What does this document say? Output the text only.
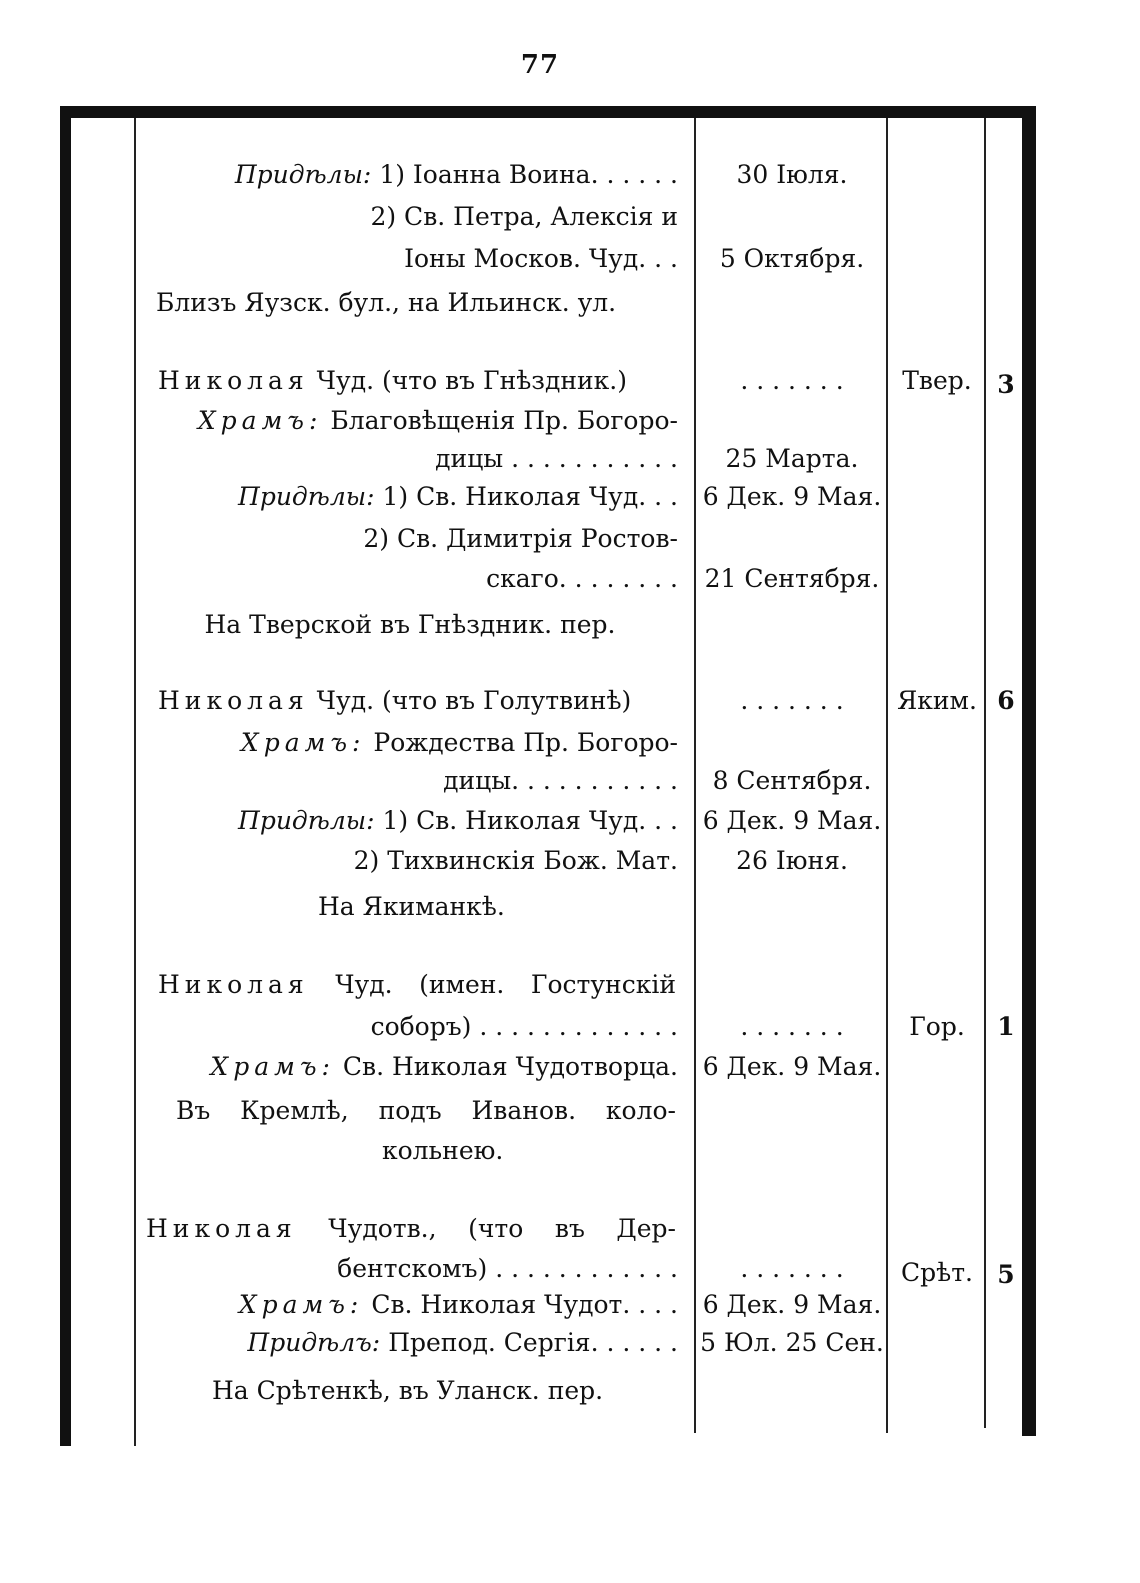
77
Придѣлы: 1) Іоанна Воина. . . . . .	30 Іюля.
2) Св. Петра, Алексія и
Іоны Москов. Чуд. . .	5 Октября.
Близъ Яузск. бул., на Ильинск. ул.
Николая Чуд. (что въ Гнѣздник.)	. . . . . . .	Твер.	3
Храмъ: Благовѣщенія Пр. Богоро-
дицы . . . . . . . . . . .	25 Марта.
Придѣлы: 1) Св. Николая Чуд. . . 6 Дек. 9 Мая.
2) Св. Димитрія Ростов-
скаго. . . . . . . .	21 Сентября.
На Тверской въ Гнѣздник. пер.
Николая Чуд. (что въ Голутвинѣ)	. . . . . . .	Яким. 6
Храмъ: Рождества Пр. Богоро-
дицы. . . . . . . . . . .	8 Сентября.
Придѣлы: 1) Св. Николая Чуд. . . 6 Дек. 9 Мая.
2) Тихвинскія Бож. Мат.	26 Іюня.
На Якиманкѣ.
Николая Чуд. (имен. Гостунскій
соборъ) . . . . . . . . . . . . .	. . . . . . .	Гор.	1
Храмъ: Св. Николая Чудотворца. 6 Дек. 9 Мая.
Въ Кремлѣ, подъ Иванов. коло-
кольнею.
Николая Чудотв., (что въ Дер-
бентскомъ) . . . . . . . . . . . .	. . . . . . .	Срѣт. 5
Храмъ: Св. Николая Чудот. . . . 6 Дек. 9 Мая.
Придѣлъ: Препод. Сергія. . . . . . 5 Юл. 25 Сен.
На Срѣтенкѣ, въ Уланск. пер.
